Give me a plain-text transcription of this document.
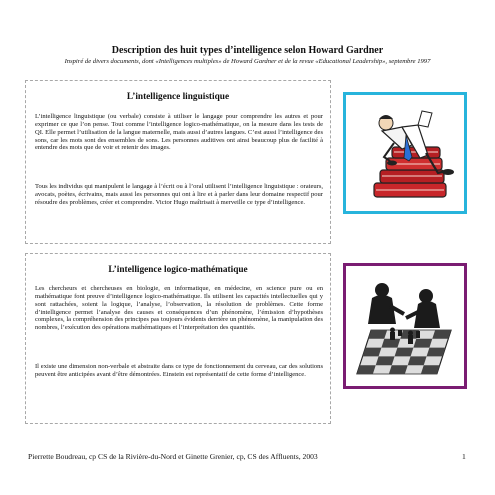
Description des huit types d’intelligence selon Howard Gardner
Inspiré de divers documents, dont «Intelligences multiples» de Howard Gardner et de la revue «Educational Leadership», septembre 1997
L’intelligence linguistique

L’intelligence linguistique (ou verbale) consiste à utiliser le langage pour comprendre les autres et pour exprimer ce que l’on pense. Tout comme l’intelligence logico-mathématique, on la mesure dans les tests de QI. Elle permet l’utilisation de la langue maternelle, mais aussi d’autres langues. C’est aussi l’intelligence des sons, car les mots sont des ensembles de sons. Les personnes auditives ont ainsi beaucoup plus de facilité à entendre des mots que de voir et retenir des images.

Tous les individus qui manipulent le langage à l’écrit ou à l’oral utilisent l’intelligence linguistique : orateurs, avocats, poètes, écrivains, mais aussi les personnes qui ont à lire et à parler dans leur domaine respectif pour résoudre des problèmes, créer et comprendre. Victor Hugo maîtrisait à merveille ce type d’intelligence.

L’intelligence logico-mathématique

Les chercheurs et chercheuses en biologie, en informatique, en médecine, en science pure ou en mathématique font preuve d’intelligence logico-mathématique. Ils utilisent les capacités intellectuelles qui y sont rattachées, soient la logique, l’analyse, l’observation, la résolution de problèmes. Cette forme d’intelligence permet l’analyse des causes et conséquences d’un phénomène, l’émission d’hypothèses complexes, la compréhension des principes pas toujours évidents derrière un phénomène, la manipulation des nombres, l’exécution des opérations mathématiques et l’interprétation des quantités.

Il existe une dimension non-verbale et abstraite dans ce type de fonctionnement du cerveau, car des solutions peuvent être anticipées avant d’être démontrées. Einstein est représentatif de cette forme d’intelligence.

Pierrette Boudreau, cp CS de la Rivière-du-Nord et Ginette Grenier, cp, CS des Affluents, 2003	1
